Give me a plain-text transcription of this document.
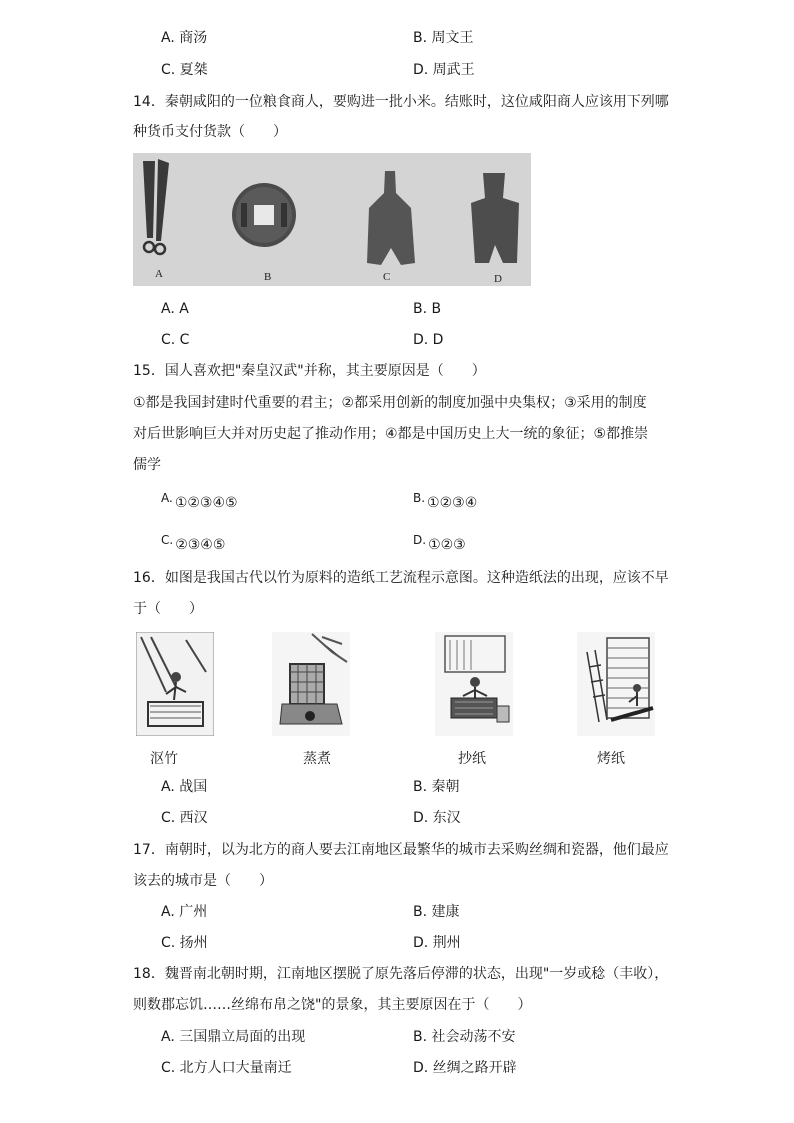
A. 商汤	B. 周文王
C. 夏桀	D. 周武王
14．秦朝咸阳的一位粮食商人，要购进一批小米。结账时，这位咸阳商人应该用下列哪
种货币支付货款（　　）
A	B	C	D
A. A	B. B
C. C	D. D
15．国人喜欢把"秦皇汉武"并称，其主要原因是（　　）
①都是我国封建时代重要的君主；②都采用创新的制度加强中央集权；③采用的制度
对后世影响巨大并对历史起了推动作用；④都是中国历史上大一统的象征；⑤都推崇
儒学
A. ①②③④⑤	B. ①②③④
C. ②③④⑤	D. ①②③
16．如图是我国古代以竹为原料的造纸工艺流程示意图。这种造纸法的出现，应该不早
于（　　）
沤竹	蒸煮	抄纸	烤纸
A. 战国	B. 秦朝
C. 西汉	D. 东汉
17．南朝时，以为北方的商人要去江南地区最繁华的城市去采购丝绸和瓷器，他们最应
该去的城市是（　　）
A. 广州	B. 建康
C. 扬州	D. 荆州
18．魏晋南北朝时期，江南地区摆脱了原先落后停滞的状态，出现"一岁或稔（丰收），
则数郡忘饥……丝绵布帛之饶"的景象，其主要原因在于（　　）
A. 三国鼎立局面的出现	B. 社会动荡不安
C. 北方人口大量南迁	D. 丝绸之路开辟
